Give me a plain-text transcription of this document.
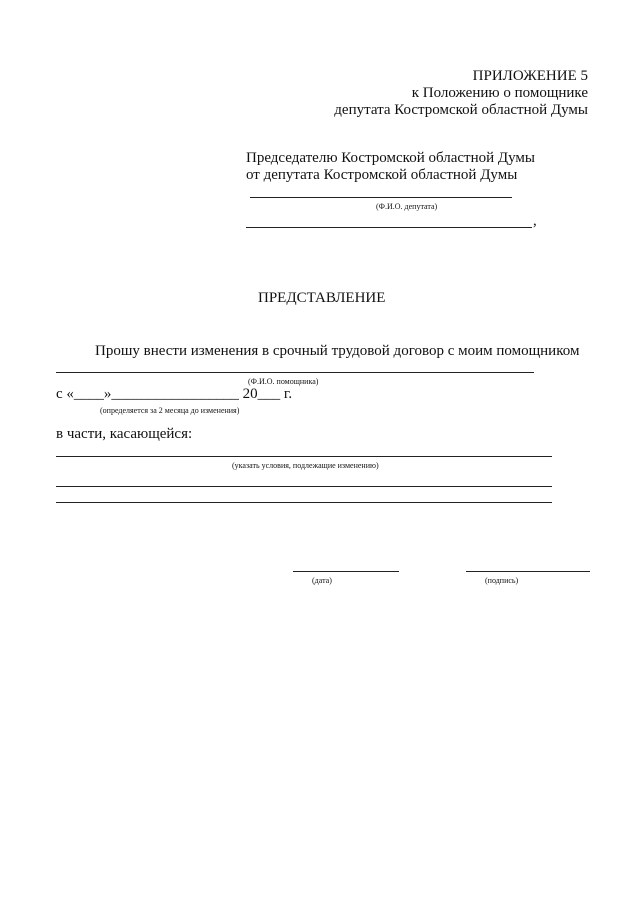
ПРИЛОЖЕНИЕ 5
к Положению о помощнике
депутата Костромской областной Думы
Председателю Костромской областной Думы
от депутата Костромской областной Думы
(Ф.И.О. депутата)
,
ПРЕДСТАВЛЕНИЕ
Прошу внести изменения в срочный трудовой договор с моим помощником
(Ф.И.О. помощника)
с «____»_________________ 20___ г.
(определяется за 2 месяца до изменения)
в части, касающейся:
(указать условия, подлежащие изменению)
(дата)	(подпись)
